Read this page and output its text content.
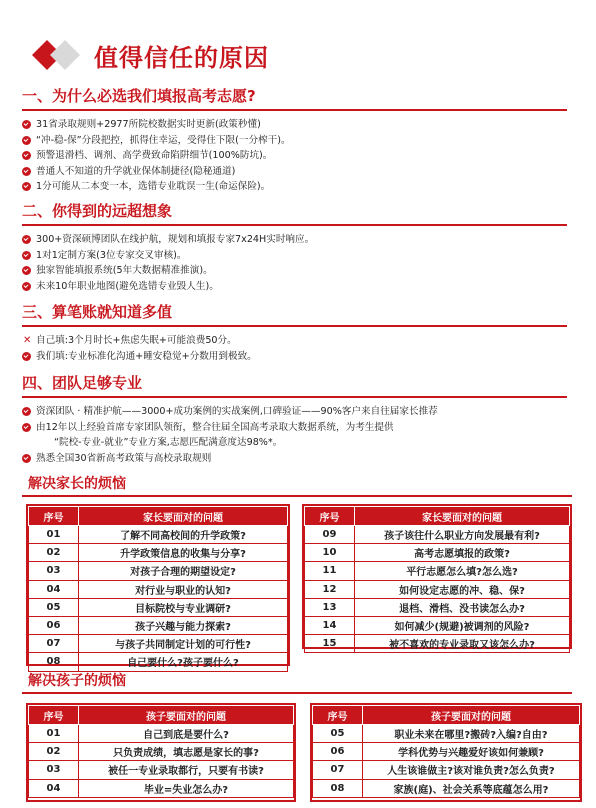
值得信任的原因
一、为什么必选我们填报高考志愿?
31省录取规则+2977所院校数据实时更新(政策秒懂)
“冲-稳-保”分段把控，抓得住幸运，受得住下限(一分榨干)。
预警退滑档、调剂、高学费致命陷阱细节(100%防坑)。
普通人不知道的升学就业保体制捷径(隐秘通道)
1分可能从二本变一本，选错专业耽误一生(命运保险)。
二、你得到的远超想象
300+资深硕博团队在线护航，规划和填报专家7x24H实时响应。
1对1定制方案(3位专家交叉审核)。
独家智能填报系统(5年大数据精准推演)。
未来10年职业地图(避免选错专业毁人生)。
三、算笔账就知道多值
✕ 自己填:3个月时长+焦虑失眠+可能浪费50分。
我们填:专业标准化沟通+睡安稳觉+分数用到极致。
四、团队足够专业
资深团队 · 精准护航——3000+成功案例的实战案例,口碑验证——90%客户来自往届家长推荐
由12年以上经验首席专家团队领衔，整合往届全国高考录取大数据系统，为考生提供
“院校-专业-就业”专业方案,志愿匹配满意度达98%*。
熟悉全国30省新高考政策与高校录取规则
解决家长的烦恼
序号	家长要面对的问题
01	了解不同高校间的升学政策?
02	升学政策信息的收集与分享?
03	对孩子合理的期望设定?
04	对行业与职业的认知?
05	目标院校与专业调研?
06	孩子兴趣与能力探索?
07	与孩子共同制定计划的可行性?
08	自己要什么?孩子要什么?
序号	家长要面对的问题
09	孩子该往什么职业方向发展最有利?
10	高考志愿填报的政策?
11	平行志愿怎么填?怎么选?
12	如何设定志愿的冲、稳、保?
13	退档、滑档、没书读怎么办?
14	如何减少(规避)被调剂的风险?
15	被不喜欢的专业录取又该怎么办?
解决孩子的烦恼
序号	孩子要面对的问题
01	自己到底是要什么?
02	只负责成绩，填志愿是家长的事?
03	被任一专业录取都行，只要有书读?
04	毕业=失业怎么办?
序号	孩子要面对的问题
05	职业未来在哪里?搬砖?入编?自由?
06	学科优势与兴趣爱好该如何兼顾?
07	人生该谁做主?该对谁负责?怎么负责?
08	家族(庭)、社会关系等底蕴怎么用?
